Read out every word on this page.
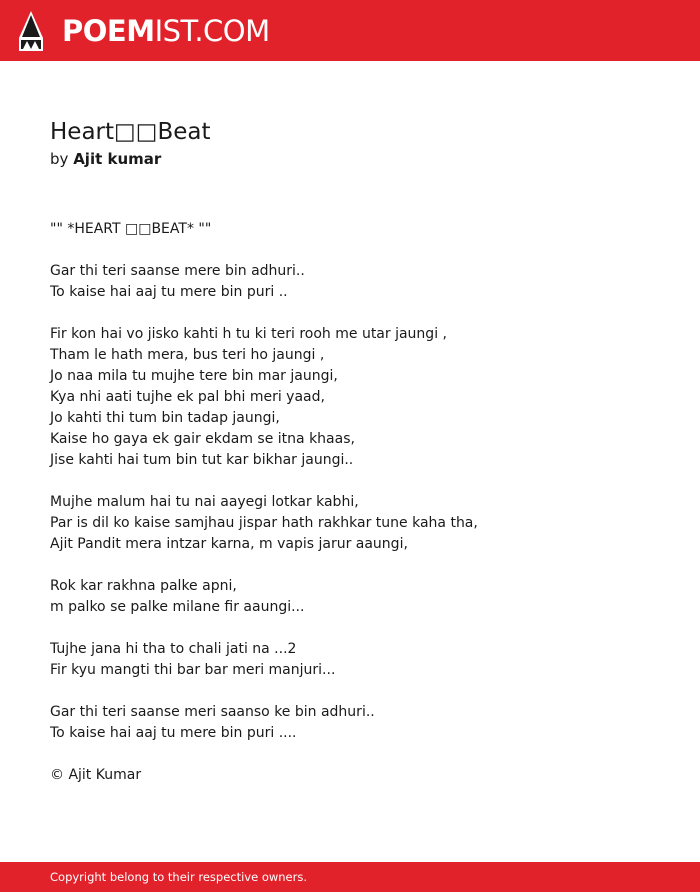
POEMIST.COM
Heart□□Beat
by Ajit kumar
"" *HEART □□BEAT* ""
Gar thi teri saanse mere bin adhuri..
To kaise hai aaj tu mere bin puri ..
Fir kon hai vo jisko kahti h tu ki teri rooh me utar jaungi ,
Tham le hath mera, bus teri ho jaungi ,
Jo naa mila tu mujhe tere bin mar jaungi,
Kya nhi aati tujhe ek pal bhi meri yaad,
Jo kahti thi tum bin tadap jaungi,
Kaise ho gaya ek gair ekdam se itna khaas,
Jise kahti hai tum bin tut kar bikhar jaungi..
Mujhe malum hai tu nai aayegi lotkar kabhi,
Par is dil ko kaise samjhau jispar hath rakhkar tune kaha tha,
Ajit Pandit mera intzar karna, m vapis jarur aaungi,
Rok kar rakhna palke apni,
m palko se palke milane fir aaungi...
Tujhe jana hi tha to chali jati na ...2
Fir kyu mangti thi bar bar meri manjuri...
Gar thi teri saanse meri saanso ke bin adhuri..
To kaise hai aaj tu mere bin puri ....
© Ajit Kumar
Copyright belong to their respective owners.
